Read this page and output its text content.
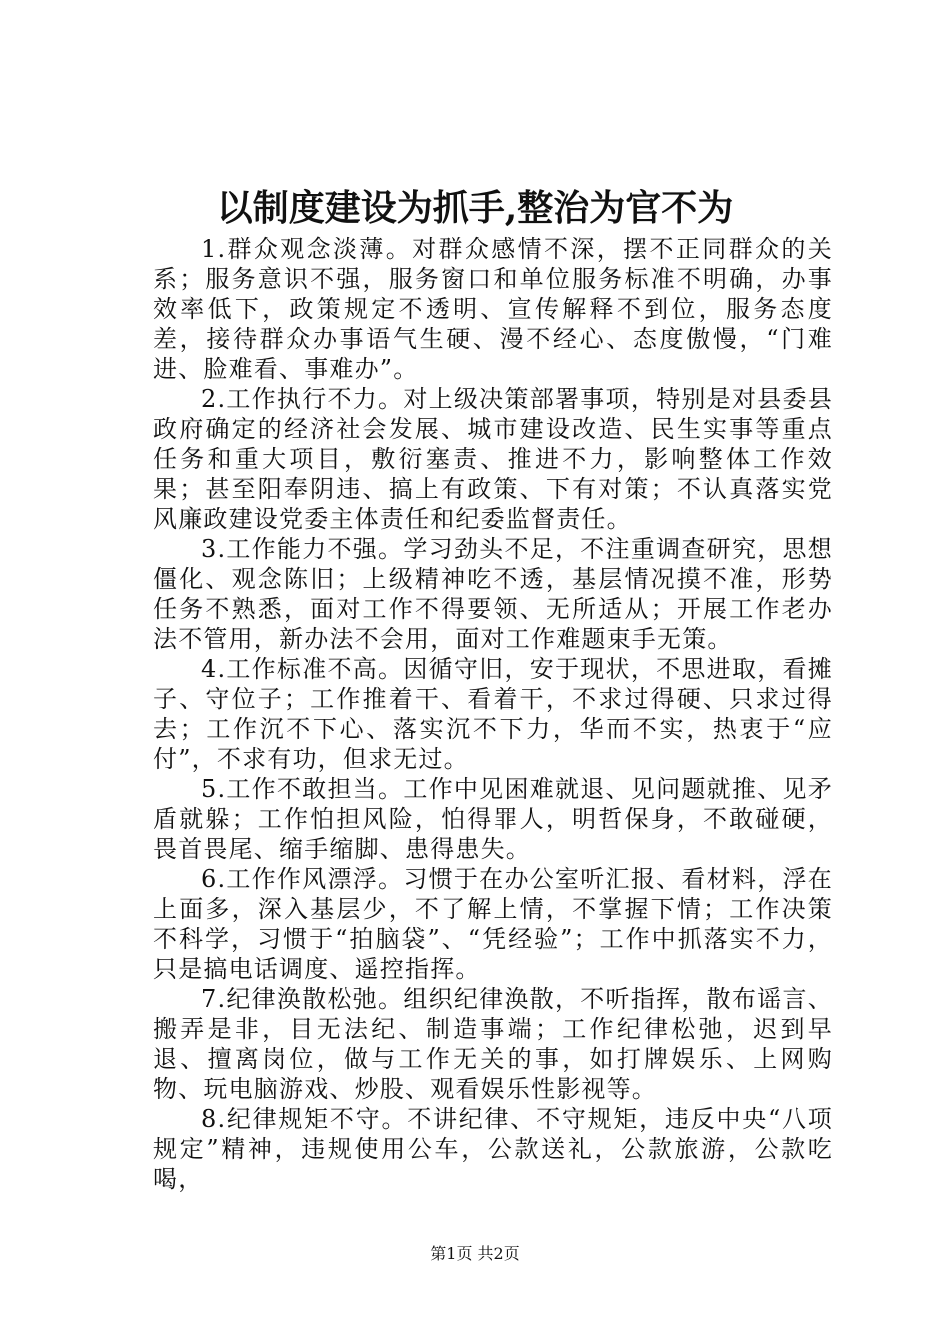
以制度建设为抓手,整治为官不为

1.群众观念淡薄。对群众感情不深，摆不正同群众的关系；服务意识不强，服务窗口和单位服务标准不明确，办事效率低下，政策规定不透明、宣传解释不到位，服务态度差，接待群众办事语气生硬、漫不经心、态度傲慢，“门难进、脸难看、事难办”。

2.工作执行不力。对上级决策部署事项，特别是对县委县政府确定的经济社会发展、城市建设改造、民生实事等重点任务和重大项目，敷衍塞责、推进不力，影响整体工作效果；甚至阳奉阴违、搞上有政策、下有对策；不认真落实党风廉政建设党委主体责任和纪委监督责任。

3.工作能力不强。学习劲头不足，不注重调查研究，思想僵化、观念陈旧；上级精神吃不透，基层情况摸不准，形势任务不熟悉，面对工作不得要领、无所适从；开展工作老办法不管用，新办法不会用，面对工作难题束手无策。

4.工作标准不高。因循守旧，安于现状，不思进取，看摊子、守位子；工作推着干、看着干，不求过得硬、只求过得去；工作沉不下心、落实沉不下力，华而不实，热衷于“应付”，不求有功，但求无过。

5.工作不敢担当。工作中见困难就退、见问题就推、见矛盾就躲；工作怕担风险，怕得罪人，明哲保身，不敢碰硬，畏首畏尾、缩手缩脚、患得患失。

6.工作作风漂浮。习惯于在办公室听汇报、看材料，浮在上面多，深入基层少，不了解上情，不掌握下情；工作决策不科学，习惯于“拍脑袋”、“凭经验”；工作中抓落实不力，只是搞电话调度、遥控指挥。

7.纪律涣散松弛。组织纪律涣散，不听指挥，散布谣言、搬弄是非，目无法纪、制造事端；工作纪律松弛，迟到早退、擅离岗位，做与工作无关的事，如打牌娱乐、上网购物、玩电脑游戏、炒股、观看娱乐性影视等。

8.纪律规矩不守。不讲纪律、不守规矩，违反中央“八项规定”精神，违规使用公车，公款送礼，公款旅游，公款吃喝，

第1页 共2页
